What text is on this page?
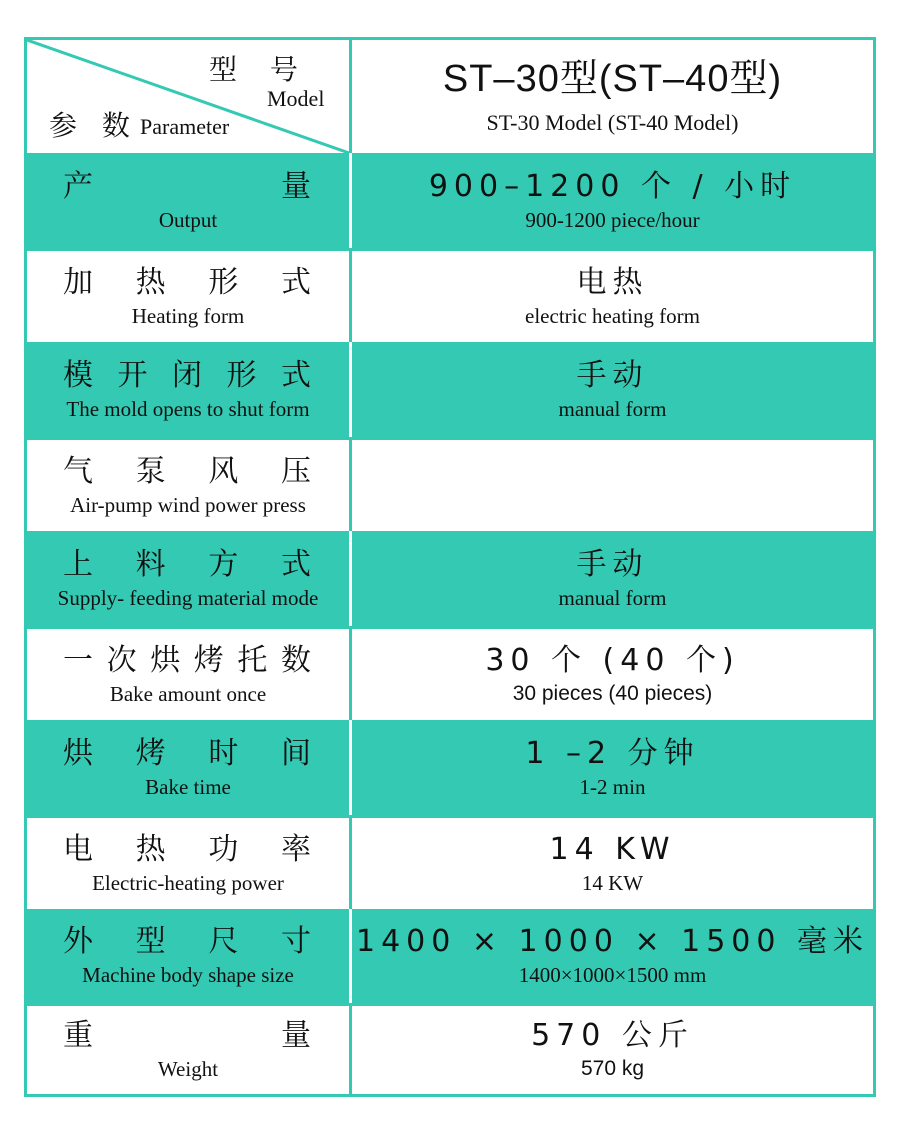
型 号
Model
参 数 Parameter
ST–30型(ST–40型)
ST-30 Model (ST-40 Model)
产	量
Output
900–1200 个 / 小时
900-1200 piece/hour
加 热 形 式
Heating form
电热
electric heating form
模 开 闭 形 式
The mold opens to shut form
手动
manual form
气 泵 风 压
Air-pump wind power press
上 料 方 式
Supply- feeding material mode
手动
manual form
一 次 烘 烤 托 数
Bake amount once
30 个 (40 个)
30 pieces (40 pieces)
烘 烤 时 间
Bake time
1 –2 分钟
1-2 min
电 热 功 率
Electric-heating power
14 KW
14 KW
外 型 尺 寸
Machine body shape size
1400 × 1000 × 1500 毫米
1400×1000×1500 mm
重	量
Weight
570 公斤
570 kg
